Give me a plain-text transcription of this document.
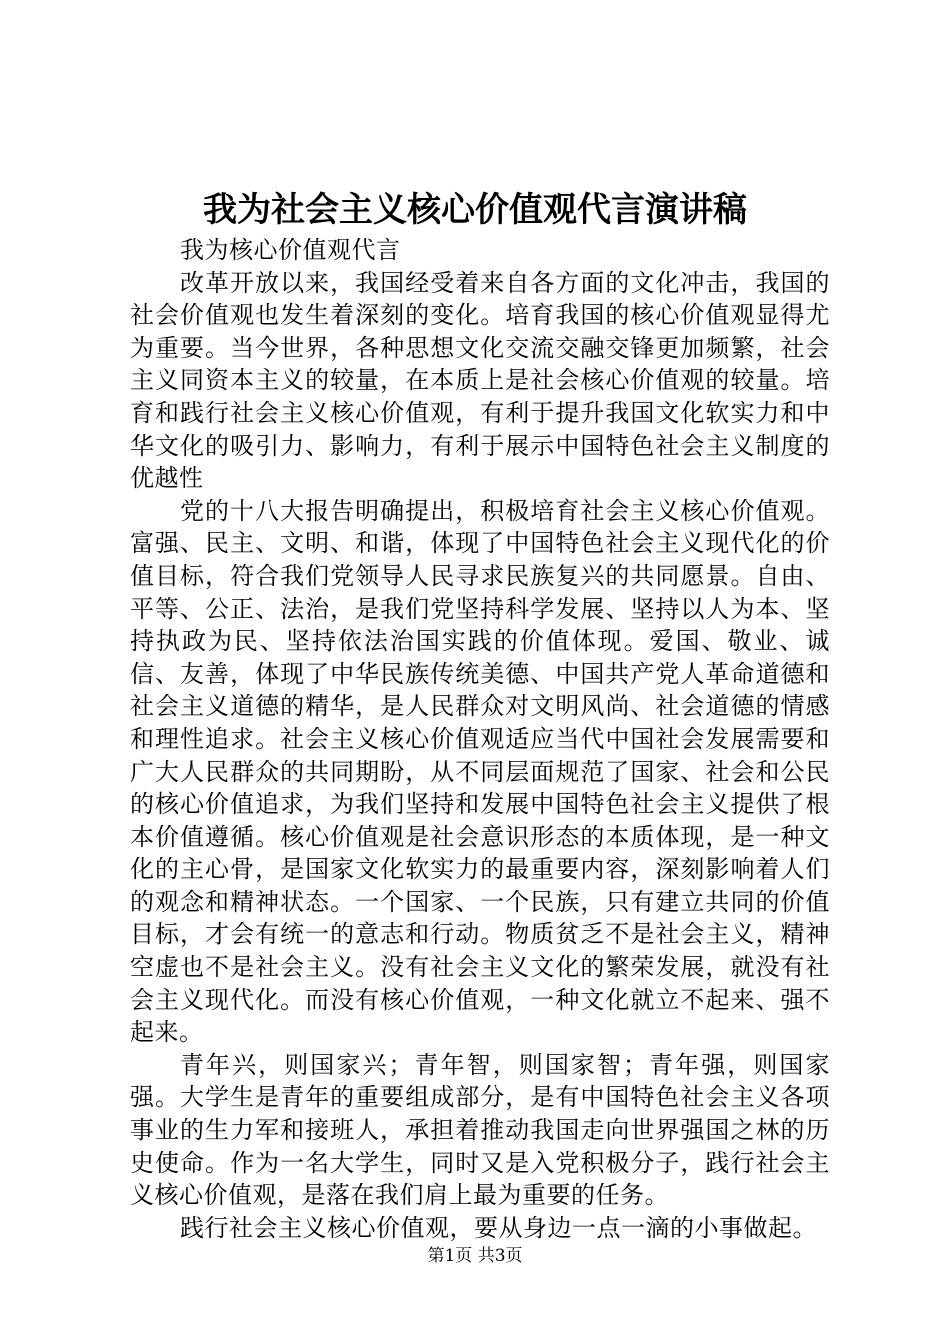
我为社会主义核心价值观代言演讲稿

我为核心价值观代言

改革开放以来，我国经受着来自各方面的文化冲击，我国的社会价值观也发生着深刻的变化。培育我国的核心价值观显得尤为重要。当今世界，各种思想文化交流交融交锋更加频繁，社会主义同资本主义的较量，在本质上是社会核心价值观的较量。培育和践行社会主义核心价值观，有利于提升我国文化软实力和中华文化的吸引力、影响力，有利于展示中国特色社会主义制度的优越性

党的十八大报告明确提出，积极培育社会主义核心价值观。富强、民主、文明、和谐，体现了中国特色社会主义现代化的价值目标，符合我们党领导人民寻求民族复兴的共同愿景。自由、平等、公正、法治，是我们党坚持科学发展、坚持以人为本、坚持执政为民、坚持依法治国实践的价值体现。爱国、敬业、诚信、友善，体现了中华民族传统美德、中国共产党人革命道德和社会主义道德的精华，是人民群众对文明风尚、社会道德的情感和理性追求。社会主义核心价值观适应当代中国社会发展需要和广大人民群众的共同期盼，从不同层面规范了国家、社会和公民的核心价值追求，为我们坚持和发展中国特色社会主义提供了根本价值遵循。核心价值观是社会意识形态的本质体现，是一种文化的主心骨，是国家文化软实力的最重要内容，深刻影响着人们的观念和精神状态。一个国家、一个民族，只有建立共同的价值目标，才会有统一的意志和行动。物质贫乏不是社会主义，精神空虚也不是社会主义。没有社会主义文化的繁荣发展，就没有社会主义现代化。而没有核心价值观，一种文化就立不起来、强不起来。

青年兴，则国家兴；青年智，则国家智；青年强，则国家强。大学生是青年的重要组成部分，是有中国特色社会主义各项事业的生力军和接班人，承担着推动我国走向世界强国之林的历史使命。作为一名大学生，同时又是入党积极分子，践行社会主义核心价值观，是落在我们肩上最为重要的任务。

践行社会主义核心价值观，要从身边一点一滴的小事做起。

第1页 共3页
